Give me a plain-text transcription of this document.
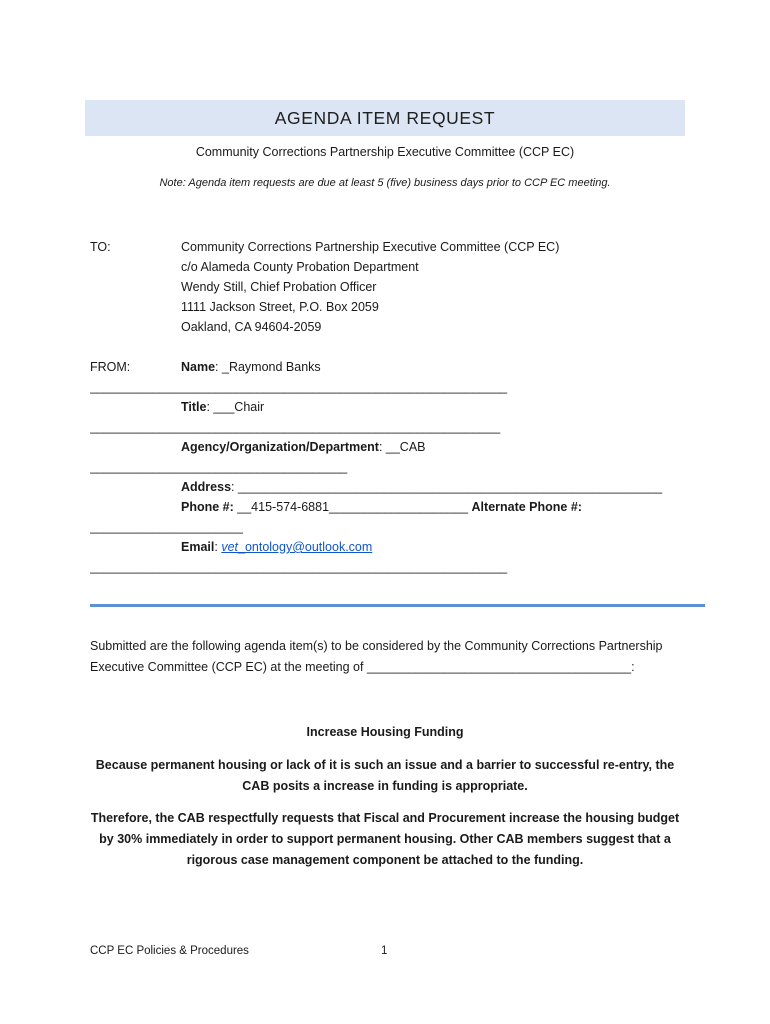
AGENDA ITEM REQUEST
Community Corrections Partnership Executive Committee (CCP EC)
Note: Agenda item requests are due at least 5 (five) business days prior to CCP EC meeting.
TO:	Community Corrections Partnership Executive Committee (CCP EC)
c/o Alameda County Probation Department
Wendy Still, Chief Probation Officer
1111 Jackson Street, P.O. Box 2059
Oakland, CA 94604-2059
FROM:	Name: _Raymond Banks
____________________________________________________________
Title: ___Chair
___________________________________________________________
Agency/Organization/Department: __CAB
_____________________________________
Address: _____________________________________________________________
Phone #: __415-574-6881____________________ Alternate Phone #:
______________________
Email: vet_ontology@outlook.com
____________________________________________________________
Submitted are the following agenda item(s) to be considered by the Community Corrections Partnership Executive Committee (CCP EC) at the meeting of ______________________________________:
Increase Housing Funding
Because permanent housing or lack of it is such an issue and a barrier to successful re-entry, the CAB posits a increase in funding is appropriate.
Therefore, the CAB respectfully requests that Fiscal and Procurement increase the housing budget by 30% immediately in order to support permanent housing. Other CAB members suggest that a rigorous case management component be attached to the funding.
CCP EC Policies & Procedures	1
